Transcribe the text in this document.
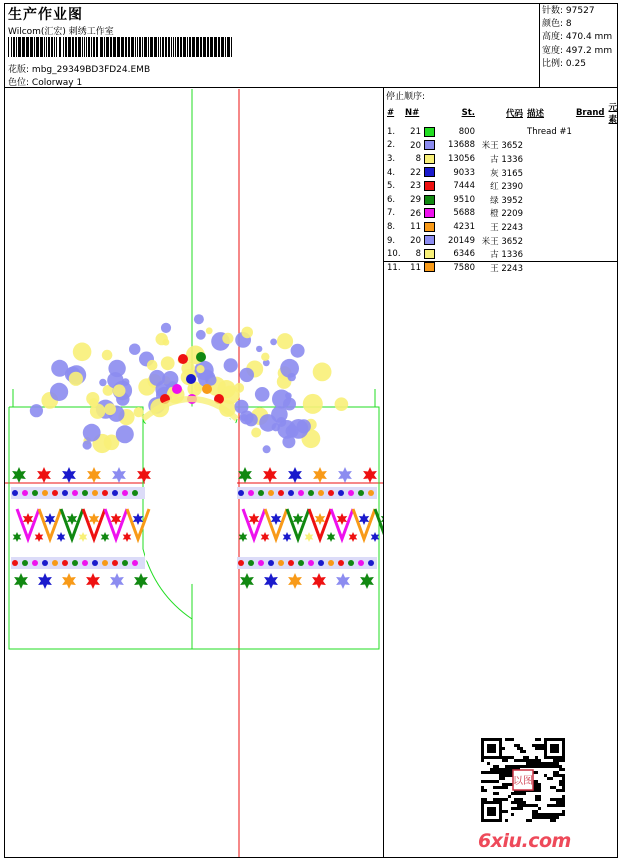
生产作业图
Wilcom(汇宏) 刺绣工作室
花版: mbg_29349BD3FD24.EMB
色位: Colorway 1
针数: 97527
颜色: 8
高度: 470.4 mm
宽度: 497.2 mm
比例: 0.25
停止顺序:
#	N#	St.	代码	描述	Brand	元素
1.	21	800		Thread #1		
2.	20	13688	米王 3652			
3.	8	13056	古 1336			
4.	22	9033	灰 3165			
5.	23	7444	红 2390			
6.	29	9510	绿 3952			
7.	26	5688	橙 2209			
8.	11	4231	王 2243			
9.	20	20149	米王 3652			
10.	8	6346	古 1336			
11.	11	7580	王 2243			
以图
6xiu.com
